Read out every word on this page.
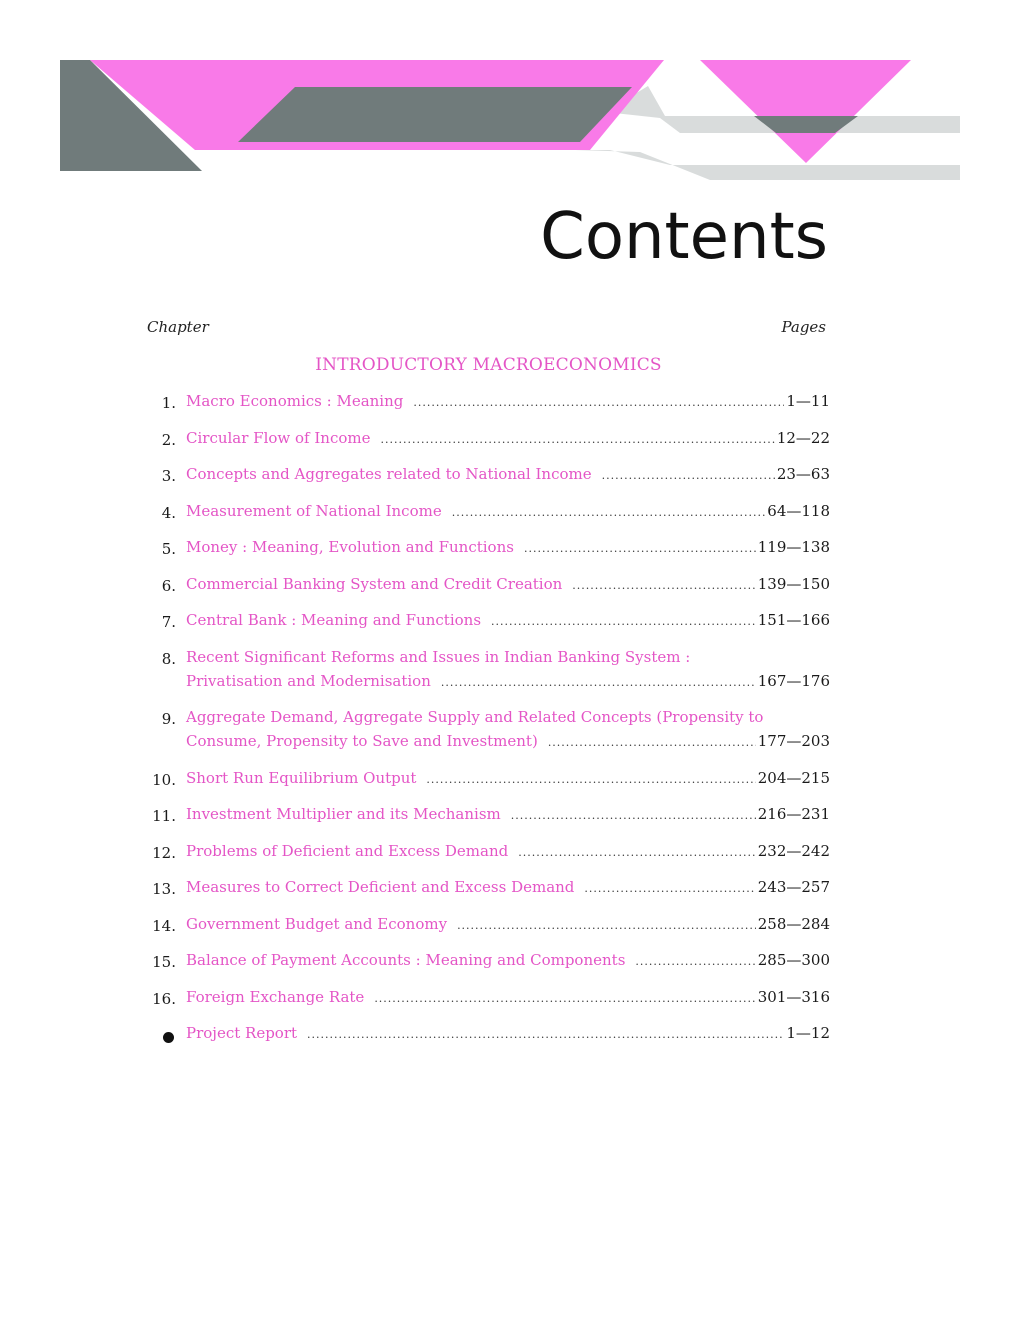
Contents
Chapter	Pages
INTRODUCTORY MACROECONOMICS
1. Macro Economics : Meaning .....	1—11
2. Circular Flow of Income .....	12—22
3. Concepts and Aggregates related to National Income .....	23—63
4. Measurement of National Income .....	64—118
5. Money : Meaning, Evolution and Functions .....	119—138
6. Commercial Banking System and Credit Creation .....	139—150
7. Central Bank : Meaning and Functions .....	151—166
8. Recent Significant Reforms and Issues in Indian Banking System :
Privatisation and Modernisation .....	167—176
9. Aggregate Demand, Aggregate Supply and Related Concepts (Propensity to
Consume, Propensity to Save and Investment) .....	177—203
10. Short Run Equilibrium Output .....	204—215
11. Investment Multiplier and its Mechanism .....	216—231
12. Problems of Deficient and Excess Demand .....	232—242
13. Measures to Correct Deficient and Excess Demand .....	243—257
14. Government Budget and Economy .....	258—284
15. Balance of Payment Accounts : Meaning and Components .....	285—300
16. Foreign Exchange Rate .....	301—316
Project Report .....	1—12
